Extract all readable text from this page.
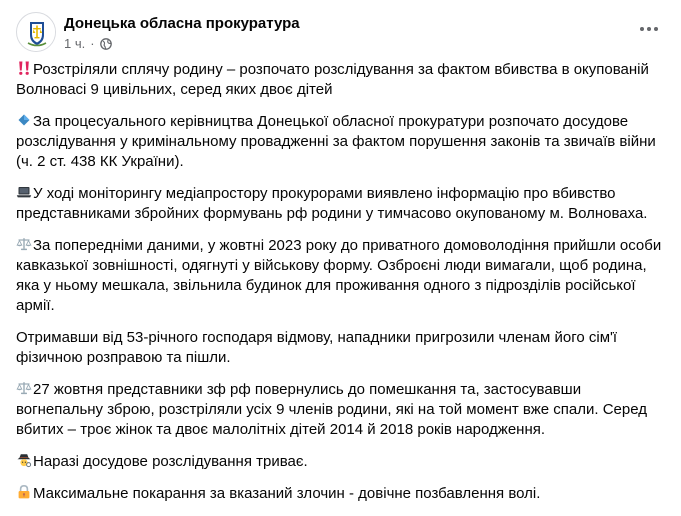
Донецька обласна прокуратура
1 ч. ·

Розстріляли сплячу родину – розпочато розслідування за фактом вбивства в окупованій Волновасі 9 цивільних, серед яких двоє дітей

За процесуального керівництва Донецької обласної прокуратури розпочато досудове розслідування у кримінальному провадженні за фактом порушення законів та звичаїв війни (ч. 2 ст. 438 КК України).

У ході моніторингу медіапростору прокурорами виявлено інформацію про вбивство представниками збройних формувань рф родини у тимчасово окупованому м. Волноваха.

За попередніми даними, у жовтні 2023 року до приватного домоволодіння прийшли особи кавказької зовнішності, одягнуті у військову форму. Озброєні люди вимагали, щоб родина, яка у ньому мешкала, звільнила будинок для проживання одного з підрозділів російської армії.

Отримавши від 53-річного господаря відмову, нападники пригрозили членам його сім'ї фізичною розправою та пішли.

27 жовтня представники зф рф повернулись до помешкання та, застосувавши вогнепальну зброю, розстріляли усіх 9 членів родини, які на той момент вже спали. Серед вбитих – троє жінок та двоє малолітніх дітей 2014 й 2018 років народження.

Наразі досудове розслідування триває.

Максимальне покарання за вказаний злочин - довічне позбавлення волі.
